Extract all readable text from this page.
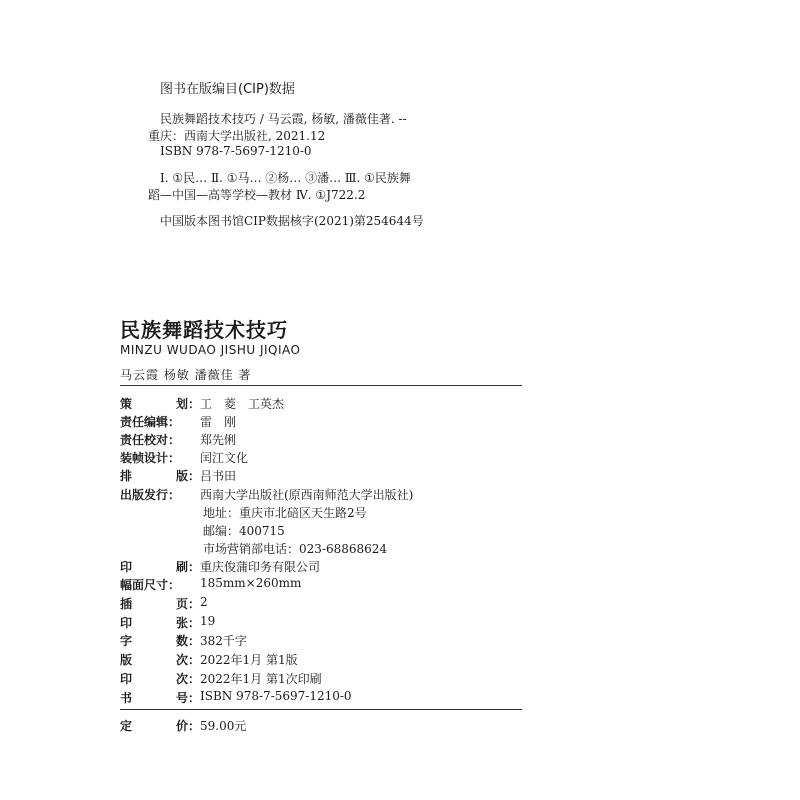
图书在版编目(CIP)数据
民族舞蹈技术技巧 / 马云霞, 杨敏, 潘薇佳著. --
重庆：西南大学出版社, 2021.12
ISBN 978-7-5697-1210-0
Ⅰ. ①民… Ⅱ. ①马… ②杨… ③潘… Ⅲ. ①民族舞
蹈—中国—高等学校—教材 Ⅳ. ①J722.2
中国版本图书馆CIP数据核字(2021)第254644号
民族舞蹈技术技巧
MINZU WUDAO JISHU JIQIAO
马云霞 杨敏 潘薇佳 著
策	划： 工　菱　工英杰
责任编辑 ： 雷　刚
责任校对 ： 郑先俐
装帧设计 ： 闰江文化
排	版： 吕书田
出版发行 ： 西南大学出版社(原西南师范大学出版社)
地址：重庆市北碚区天生路2号
邮编：400715
市场营销部电话：023-68868624
印	刷： 重庆俊蒲印务有限公司
幅面尺寸 ： 185mm×260mm
插	页： 2
印	张： 19
字	数： 382千字
版	次： 2022年1月 第1版
印	次： 2022年1月 第1次印刷
书	号： ISBN 978-7-5697-1210-0
定	价： 59.00元
